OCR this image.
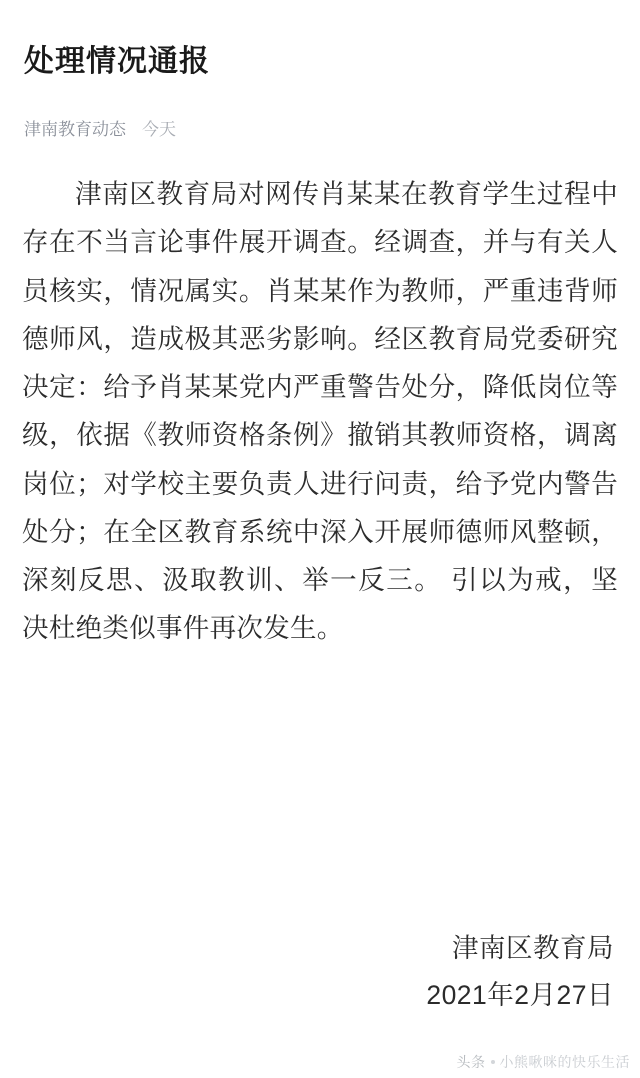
处理情况通报
津南教育动态 今天

津南区教育局对网传肖某某在教育学生过程中存在不当言论事件展开调查。经调查，并与有关人员核实，情况属实。肖某某作为教师，严重违背师德师风，造成极其恶劣影响。经区教育局党委研究决定：给予肖某某党内严重警告处分，降低岗位等级，依据《教师资格条例》撤销其教师资格，调离岗位；对学校主要负责人进行问责，给予党内警告处分；在全区教育系统中深入开展师德师风整顿，深刻反思、汲取教训、举一反三。 引以为戒，坚决杜绝类似事件再次发生。

津南区教育局
2021年2月27日
头条 小熊啾咪的快乐生活
